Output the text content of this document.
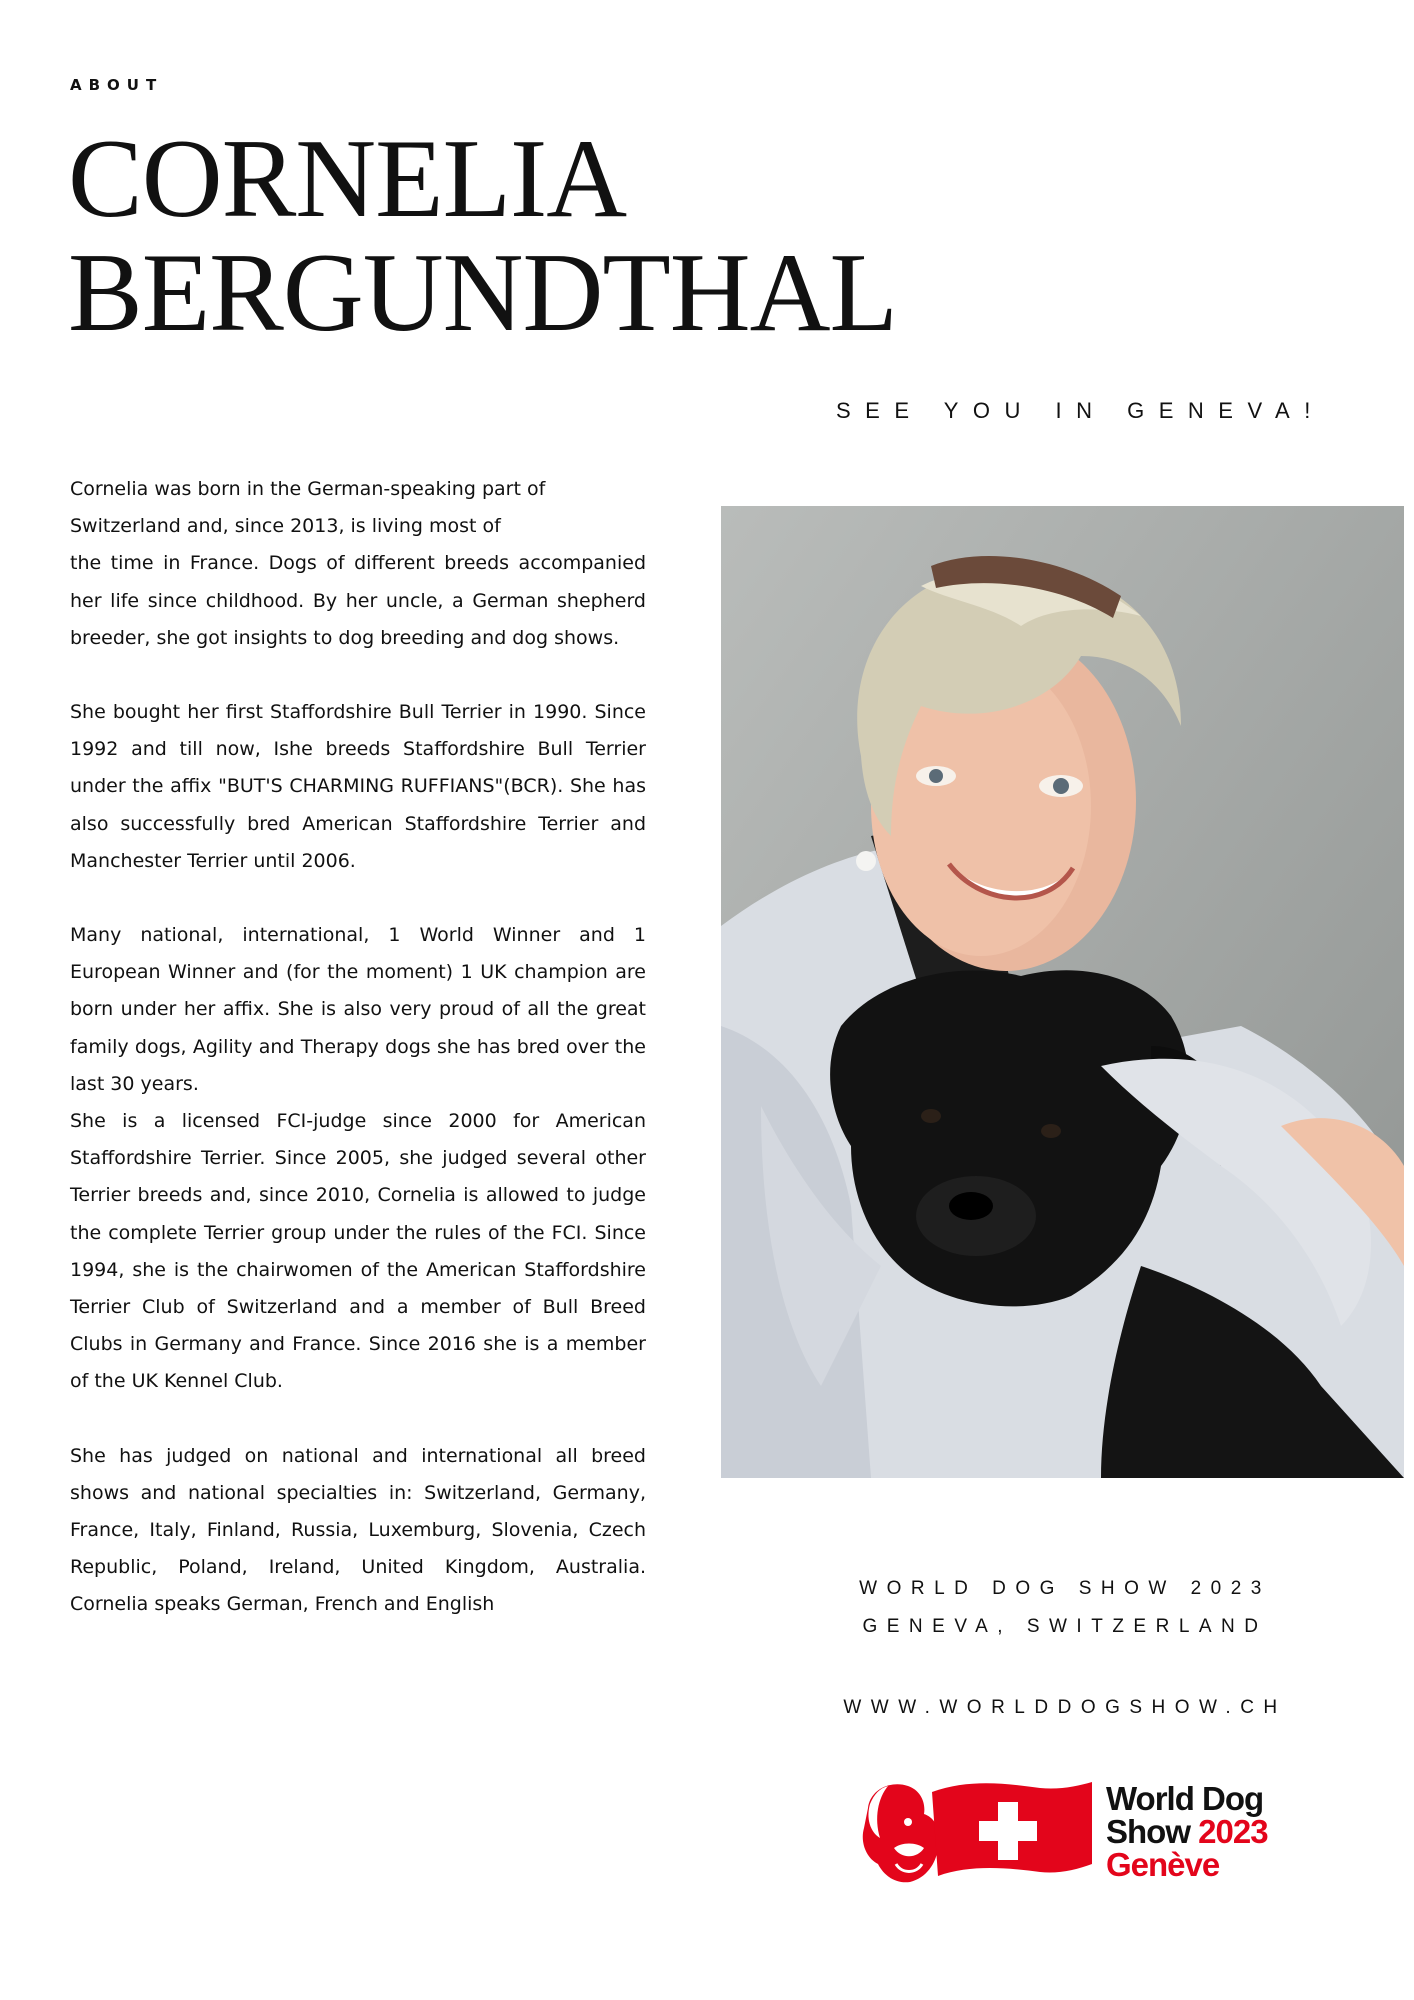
ABOUT
CORNELIA
BERGUNDTHAL
SEE YOU IN GENEVA!

Cornelia was born in the German-speaking part of Switzerland and, since 2013, is living most of

the time in France. Dogs of different breeds accompanied her life since childhood. By her uncle, a German shepherd breeder, she got insights to dog breeding and dog shows.

She bought her first Staffordshire Bull Terrier in 1990. Since 1992 and till now, Ishe breeds Staffordshire Bull Terrier under the affix "BUT'S CHARMING RUFFIANS"(BCR). She has also successfully bred American Staffordshire Terrier and Manchester Terrier until 2006.

Many national, international, 1 World Winner and 1 European Winner and (for the moment) 1 UK champion are born under her affix. She is also very proud of all the great family dogs, Agility and Therapy dogs she has bred over the last 30 years.

She is a licensed FCI-judge since 2000 for American Staffordshire Terrier. Since 2005, she judged several other Terrier breeds and, since 2010, Cornelia is allowed to judge the complete Terrier group under the rules of the FCI. Since 1994, she is the chairwomen of the American Staffordshire Terrier Club of Switzerland and a member of Bull Breed Clubs in Germany and France. Since 2016 she is a member of the UK Kennel Club.

She has judged on national and international all breed shows and national specialties in: Switzerland, Germany, France, Italy, Finland, Russia, Luxemburg, Slovenia, Czech Republic, Poland, Ireland, United Kingdom, Australia. Cornelia speaks German, French and English

WORLD DOG SHOW 2023
GENEVA, SWITZERLAND
WWW.WORLDDOGSHOW.CH
World Dog
Show 2023
Genève
